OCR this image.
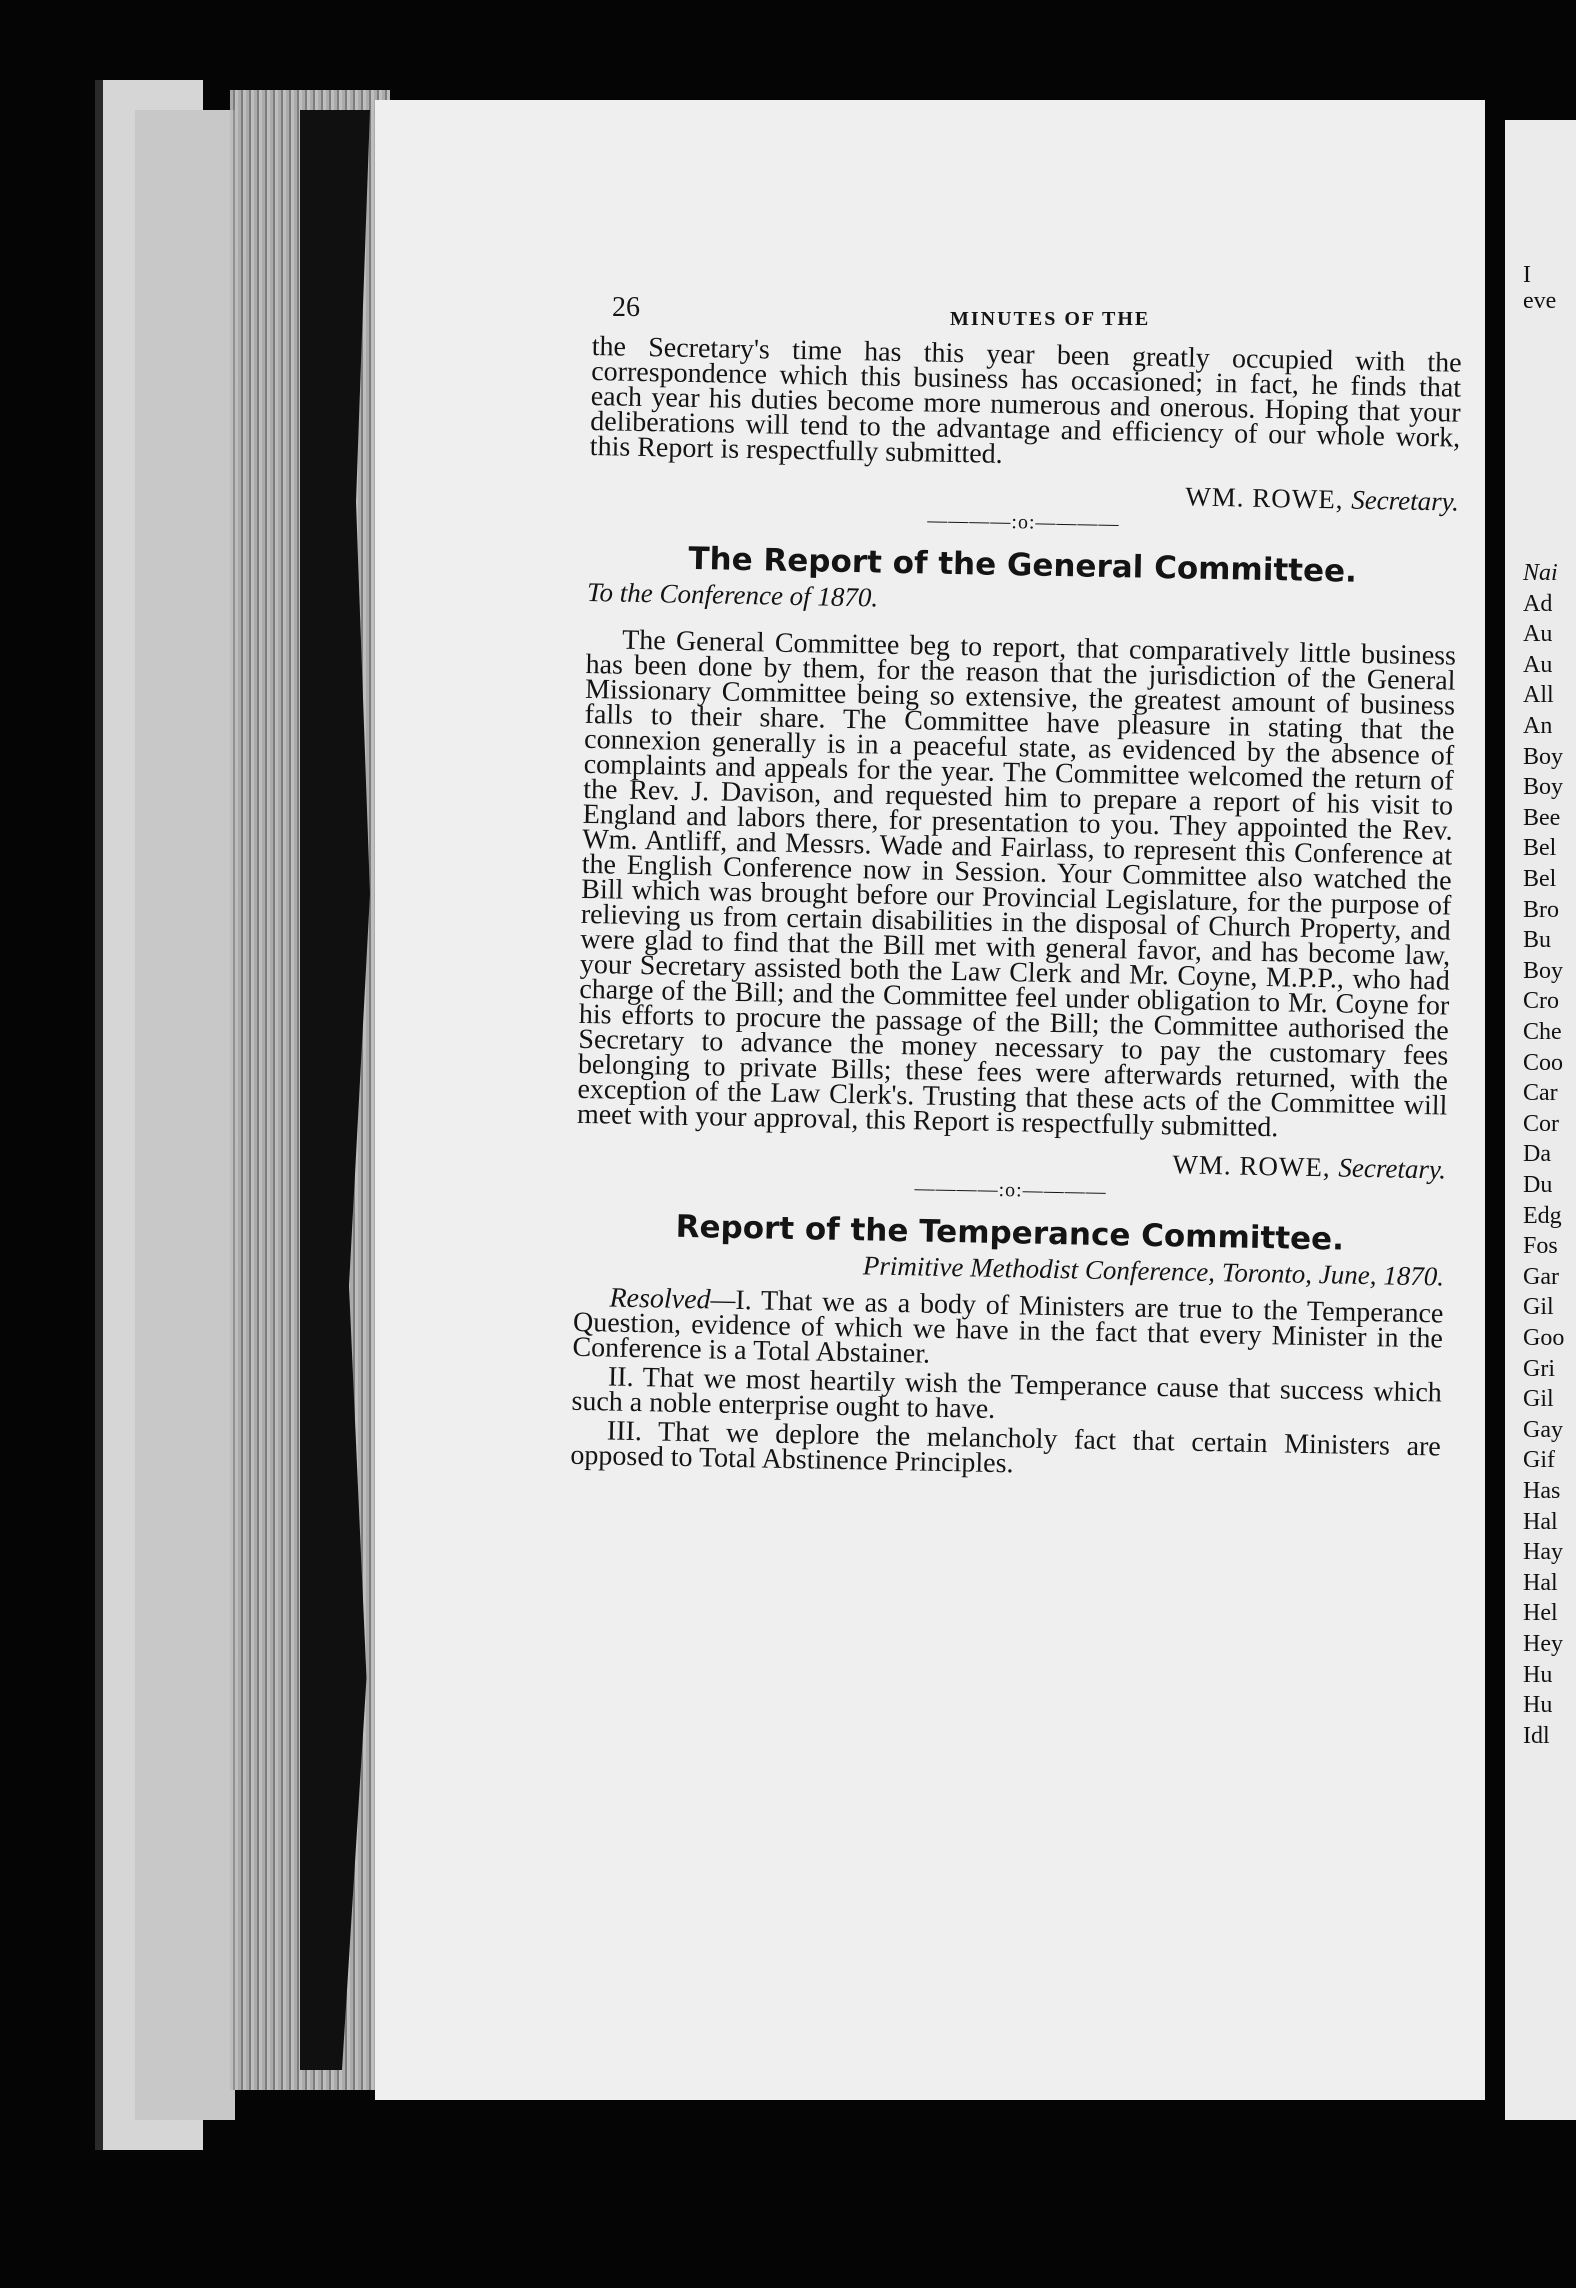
26	MINUTES OF THE

the Secretary's time has this year been greatly occupied with the correspondence which this business has occasioned; in fact, he finds that each year his duties become more numerous and onerous. Hoping that your deliberations will tend to the advantage and efficiency of our whole work, this Report is respectfully submitted.

WM. ROWE, Secretary.
————:o:————
The Report of the General Committee.
To the Conference of 1870.

The General Committee beg to report, that comparatively little business has been done by them, for the reason that the jurisdiction of the General Missionary Committee being so extensive, the greatest amount of business falls to their share. The Committee have pleasure in stating that the connexion generally is in a peaceful state, as evidenced by the absence of complaints and appeals for the year. The Committee welcomed the return of the Rev. J. Davison, and requested him to prepare a report of his visit to England and labors there, for presentation to you. They appointed the Rev. Wm. Antliff, and Messrs. Wade and Fairlass, to represent this Conference at the English Conference now in Session. Your Committee also watched the Bill which was brought before our Provincial Legislature, for the purpose of relieving us from certain disabilities in the disposal of Church Property, and were glad to find that the Bill met with general favor, and has become law, your Secretary assisted both the Law Clerk and Mr. Coyne, M.P.P., who had charge of the Bill; and the Committee feel under obligation to Mr. Coyne for his efforts to procure the passage of the Bill; the Committee authorised the Secretary to advance the money necessary to pay the customary fees belonging to private Bills; these fees were afterwards returned, with the exception of the Law Clerk's. Trusting that these acts of the Committee will meet with your approval, this Report is respectfully submitted.

WM. ROWE, Secretary.
————:o:————
Report of the Temperance Committee.
Primitive Methodist Conference, Toronto, June, 1870.

Resolved—I. That we as a body of Ministers are true to the Temperance Question, evidence of which we have in the fact that every Minister in the Conference is a Total Abstainer.

II. That we most heartily wish the Temperance cause that success which such a noble enterprise ought to have.

III. That we deplore the melancholy fact that certain Ministers are opposed to Total Abstinence Principles.

I
eve
Nai
Ad
Au
Au
All
An
Boy
Boy
Bee
Bel
Bel
Bro
Bu
Boy
Cro
Che
Coo
Car
Cor
Da
Du
Edg
Fos
Gar
Gil
Goo
Gri
Gil
Gay
Gif
Has
Hal
Hay
Hal
Hel
Hey
Hu
Hu
Idl
